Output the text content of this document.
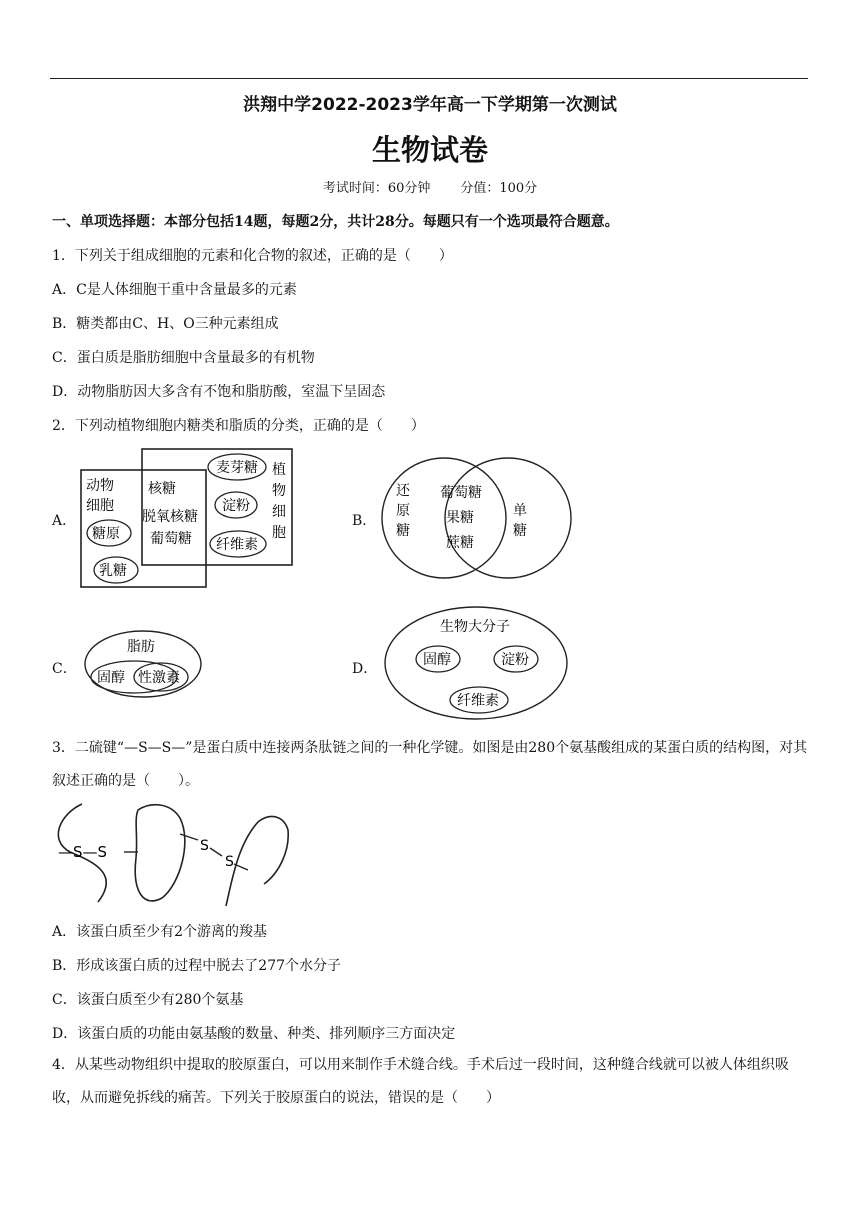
洪翔中学2022-2023学年高一下学期第一次测试
生物试卷
考试时间：60分钟 分值：100分
一、单项选择题：本部分包括14题，每题2分，共计28分。每题只有一个选项最符合题意。
1．下列关于组成细胞的元素和化合物的叙述，正确的是（　　）
A．C是人体细胞干重中含量最多的元素
B．糖类都由C、H、O三种元素组成
C．蛋白质是脂肪细胞中含量最多的有机物
D．动物脂肪因大多含有不饱和脂肪酸，室温下呈固态
2．下列动植物细胞内糖类和脂质的分类，正确的是（　　）
A．
动物
细胞
植
物
细
胞
核糖
脱氧核糖
葡萄糖
糖原
乳糖
麦芽糖
淀粉
纤维素
B．
还
原
糖
葡萄糖
果糖
蔗糖
单
糖
C．
脂肪
固醇 性激素
D．
生物大分子
固醇	淀粉
纤维素
3．二硫键“—S—S—”是蛋白质中连接两条肽链之间的一种化学键。如图是由280个氨基酸组成的某蛋白质的结构图，对其叙述正确的是（　　）。
—S—S	S
S
A．该蛋白质至少有2个游离的羧基
B．形成该蛋白质的过程中脱去了277个水分子
C．该蛋白质至少有280个氨基
D．该蛋白质的功能由氨基酸的数量、种类、排列顺序三方面决定
4．从某些动物组织中提取的胶原蛋白，可以用来制作手术缝合线。手术后过一段时间，这种缝合线就可以被人体组织吸收，从而避免拆线的痛苦。下列关于胶原蛋白的说法，错误的是（　　）
